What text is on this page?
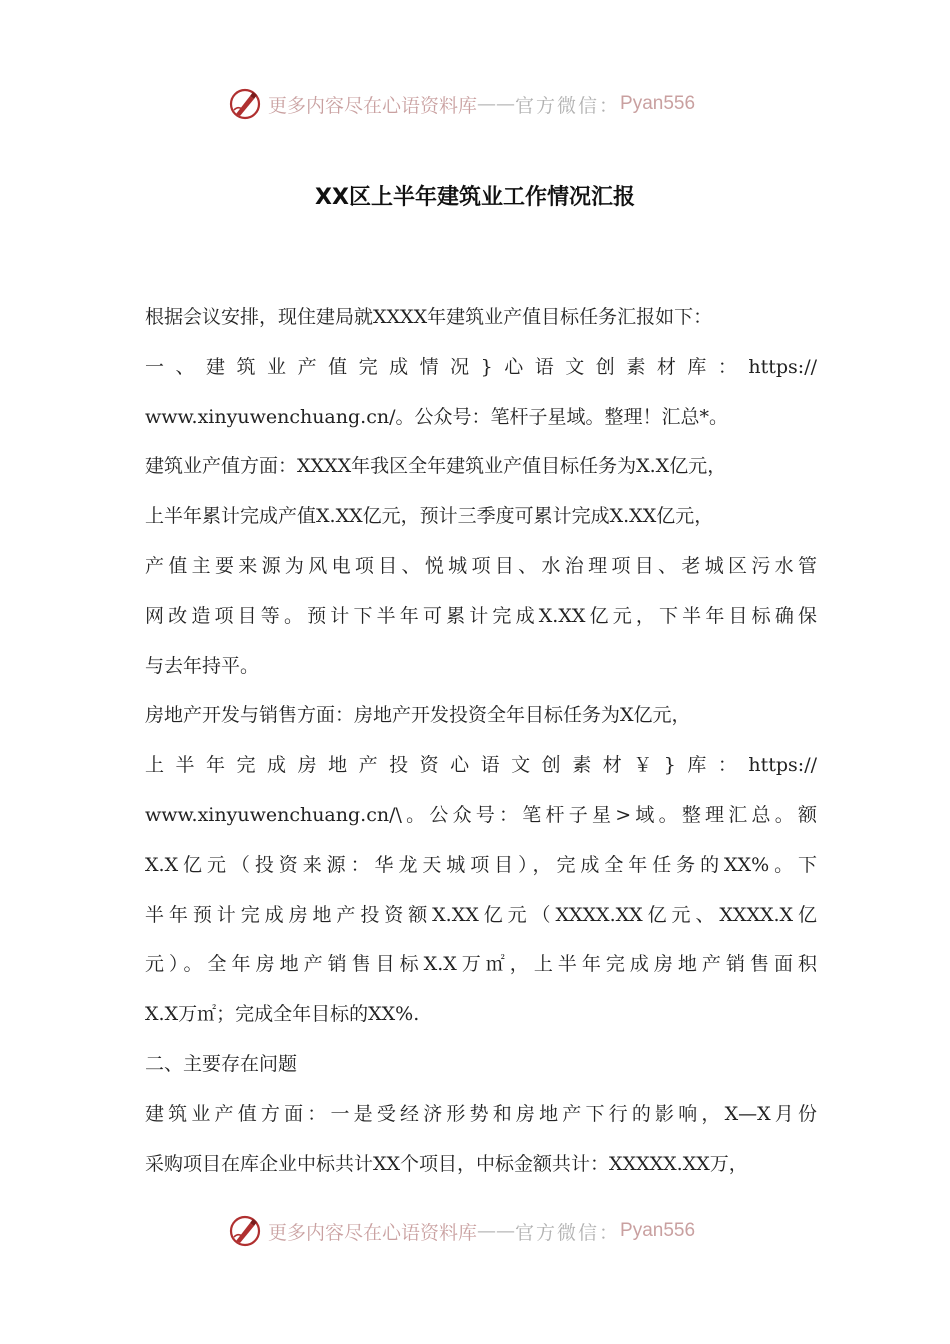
更多内容尽在心语资料库 —— 官方微信： Pyan556
XX区上半年建筑业工作情况汇报
根据会议安排，现住建局就XXXX年建筑业产值目标任务汇报如下：
一、建筑业产值完成情况}心语文创素材库：https://
www.xinyuwenchuang.cn/。公众号：笔杆子星域。整理！汇总*。
建筑业产值方面：XXXX年我区全年建筑业产值目标任务为X.X亿元，
上半年累计完成产值X.XX亿元，预计三季度可累计完成X.XX亿元，
产值主要来源为风电项目、悦城项目、水治理项目、老城区污水管
网改造项目等。预计下半年可累计完成X.XX亿元，下半年目标确保
与去年持平。
房地产开发与销售方面：房地产开发投资全年目标任务为X亿元，
上半年完成房地产投资心语文创素材￥}库：https://
www.xinyuwenchuang.cn/\。公众号：笔杆子星>域。整理汇总。额
X.X亿元（投资来源：华龙天城项目），完成全年任务的XX%。下
半年预计完成房地产投资额X.XX亿元（XXXX.XX亿元、XXXX.X亿
元）。全年房地产销售目标X.X万㎡，上半年完成房地产销售面积
X.X万㎡；完成全年目标的XX%.
二、主要存在问题
建筑业产值方面：一是受经济形势和房地产下行的影响，X—X月份
采购项目在库企业中标共计XX个项目，中标金额共计：XXXXX.XX万，
更多内容尽在心语资料库 —— 官方微信： Pyan556
